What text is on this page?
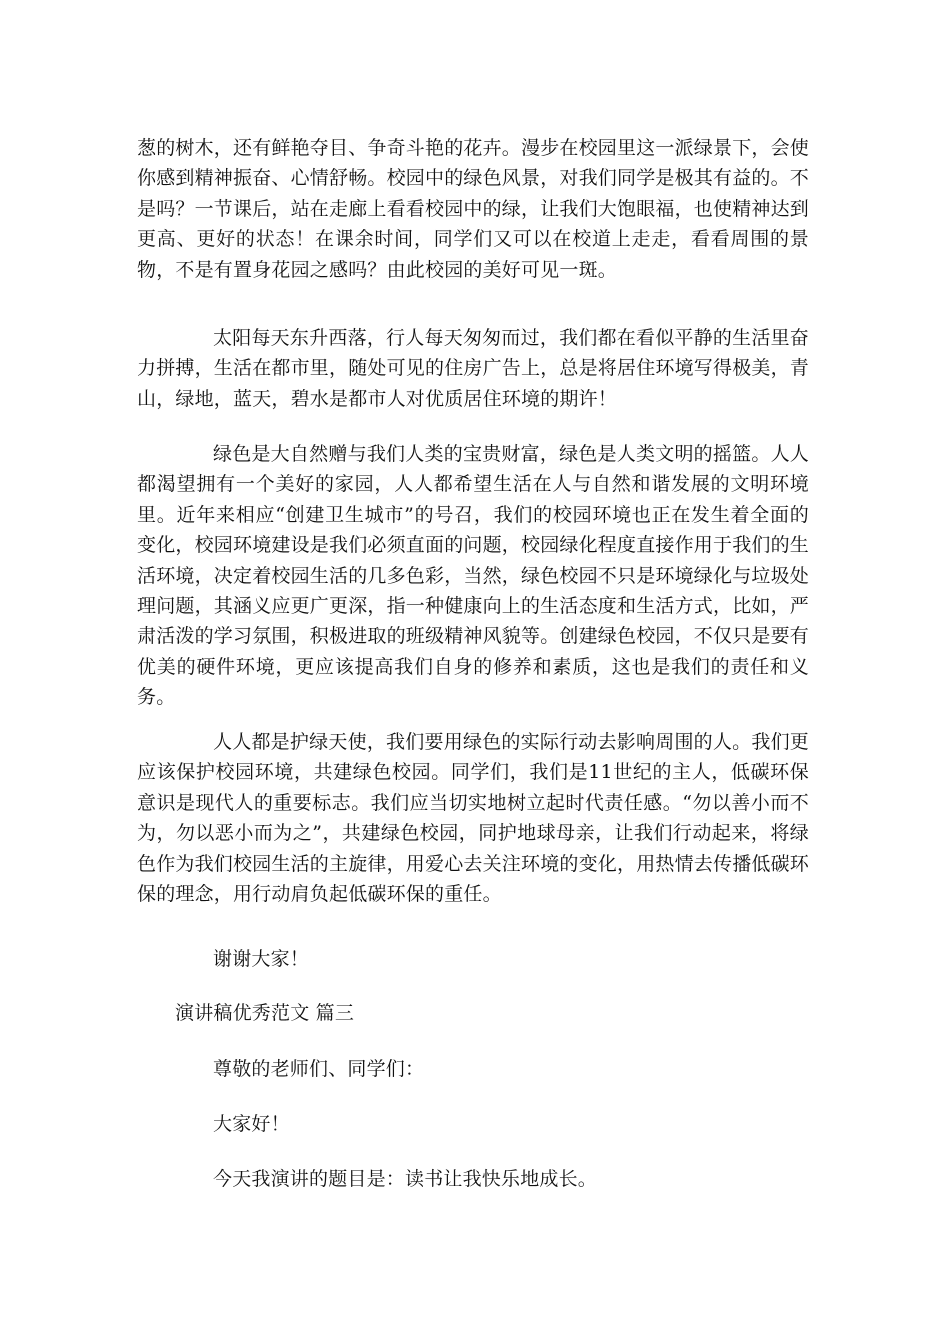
葱的树木，还有鲜艳夺目、争奇斗艳的花卉。漫步在校园里这一派绿景下，会使你感到精神振奋、心情舒畅。校园中的绿色风景，对我们同学是极其有益的。不是吗？一节课后，站在走廊上看看校园中的绿，让我们大饱眼福，也使精神达到更高、更好的状态！在课余时间，同学们又可以在校道上走走，看看周围的景物，不是有置身花园之感吗？由此校园的美好可见一斑。

太阳每天东升西落，行人每天匆匆而过，我们都在看似平静的生活里奋力拼搏，生活在都市里，随处可见的住房广告上，总是将居住环境写得极美，青山，绿地，蓝天，碧水是都市人对优质居住环境的期许！

绿色是大自然赠与我们人类的宝贵财富，绿色是人类文明的摇篮。人人都渴望拥有一个美好的家园，人人都希望生活在人与自然和谐发展的文明环境里。近年来相应“创建卫生城市”的号召，我们的校园环境也正在发生着全面的变化，校园环境建设是我们必须直面的问题，校园绿化程度直接作用于我们的生活环境，决定着校园生活的几多色彩，当然，绿色校园不只是环境绿化与垃圾处理问题，其涵义应更广更深，指一种健康向上的生活态度和生活方式，比如，严肃活泼的学习氛围，积极进取的班级精神风貌等。创建绿色校园，不仅只是要有优美的硬件环境，更应该提高我们自身的修养和素质，这也是我们的责任和义务。

人人都是护绿天使，我们要用绿色的实际行动去影响周围的人。我们更应该保护校园环境，共建绿色校园。同学们，我们是11世纪的主人，低碳环保意识是现代人的重要标志。我们应当切实地树立起时代责任感。“勿以善小而不为，勿以恶小而为之”，共建绿色校园，同护地球母亲，让我们行动起来，将绿色作为我们校园生活的主旋律，用爱心去关注环境的变化，用热情去传播低碳环保的理念，用行动肩负起低碳环保的重任。

谢谢大家！

演讲稿优秀范文 篇三

尊敬的老师们、同学们：

大家好！

今天我演讲的题目是：读书让我快乐地成长。
